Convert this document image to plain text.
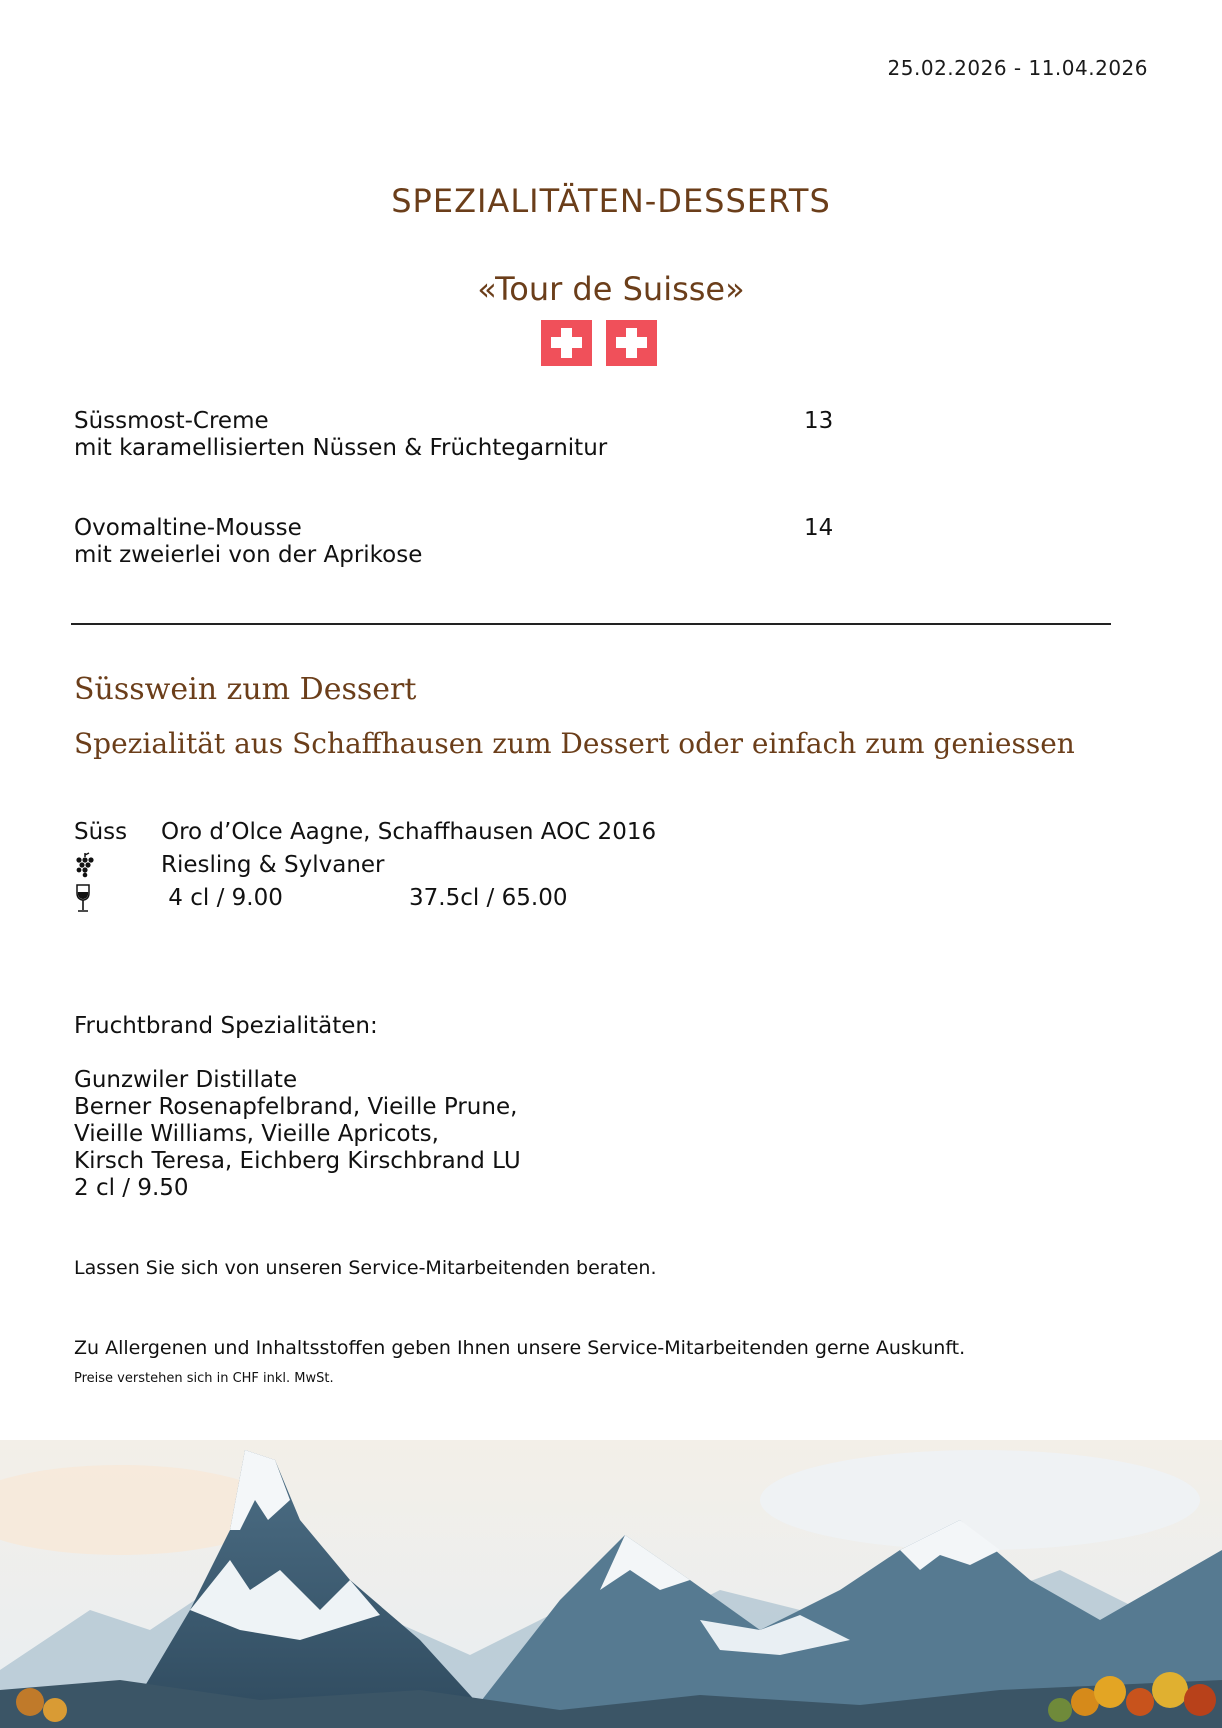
25.02.2026 - 11.04.2026
SPEZIALITÄTEN-DESSERTS
«Tour de Suisse»
Süssmost-Creme	13
mit karamellisierten Nüssen & Früchtegarnitur
Ovomaltine-Mousse	14
mit zweierlei von der Aprikose
Süsswein zum Dessert
Spezialität aus Schaffhausen zum Dessert oder einfach zum geniessen
Süss	Oro d’Olce Aagne, Schaffhausen AOC 2016
Riesling & Sylvaner
4 cl / 9.00	37.5cl / 65.00
Fruchtbrand Spezialitäten:
Gunzwiler Distillate
Berner Rosenapfelbrand, Vieille Prune,
Vieille Williams, Vieille Apricots,
Kirsch Teresa, Eichberg Kirschbrand LU
2 cl / 9.50
Lassen Sie sich von unseren Service-Mitarbeitenden beraten.
Zu Allergenen und Inhaltsstoffen geben Ihnen unsere Service-Mitarbeitenden gerne Auskunft.
Preise verstehen sich in CHF inkl. MwSt.
